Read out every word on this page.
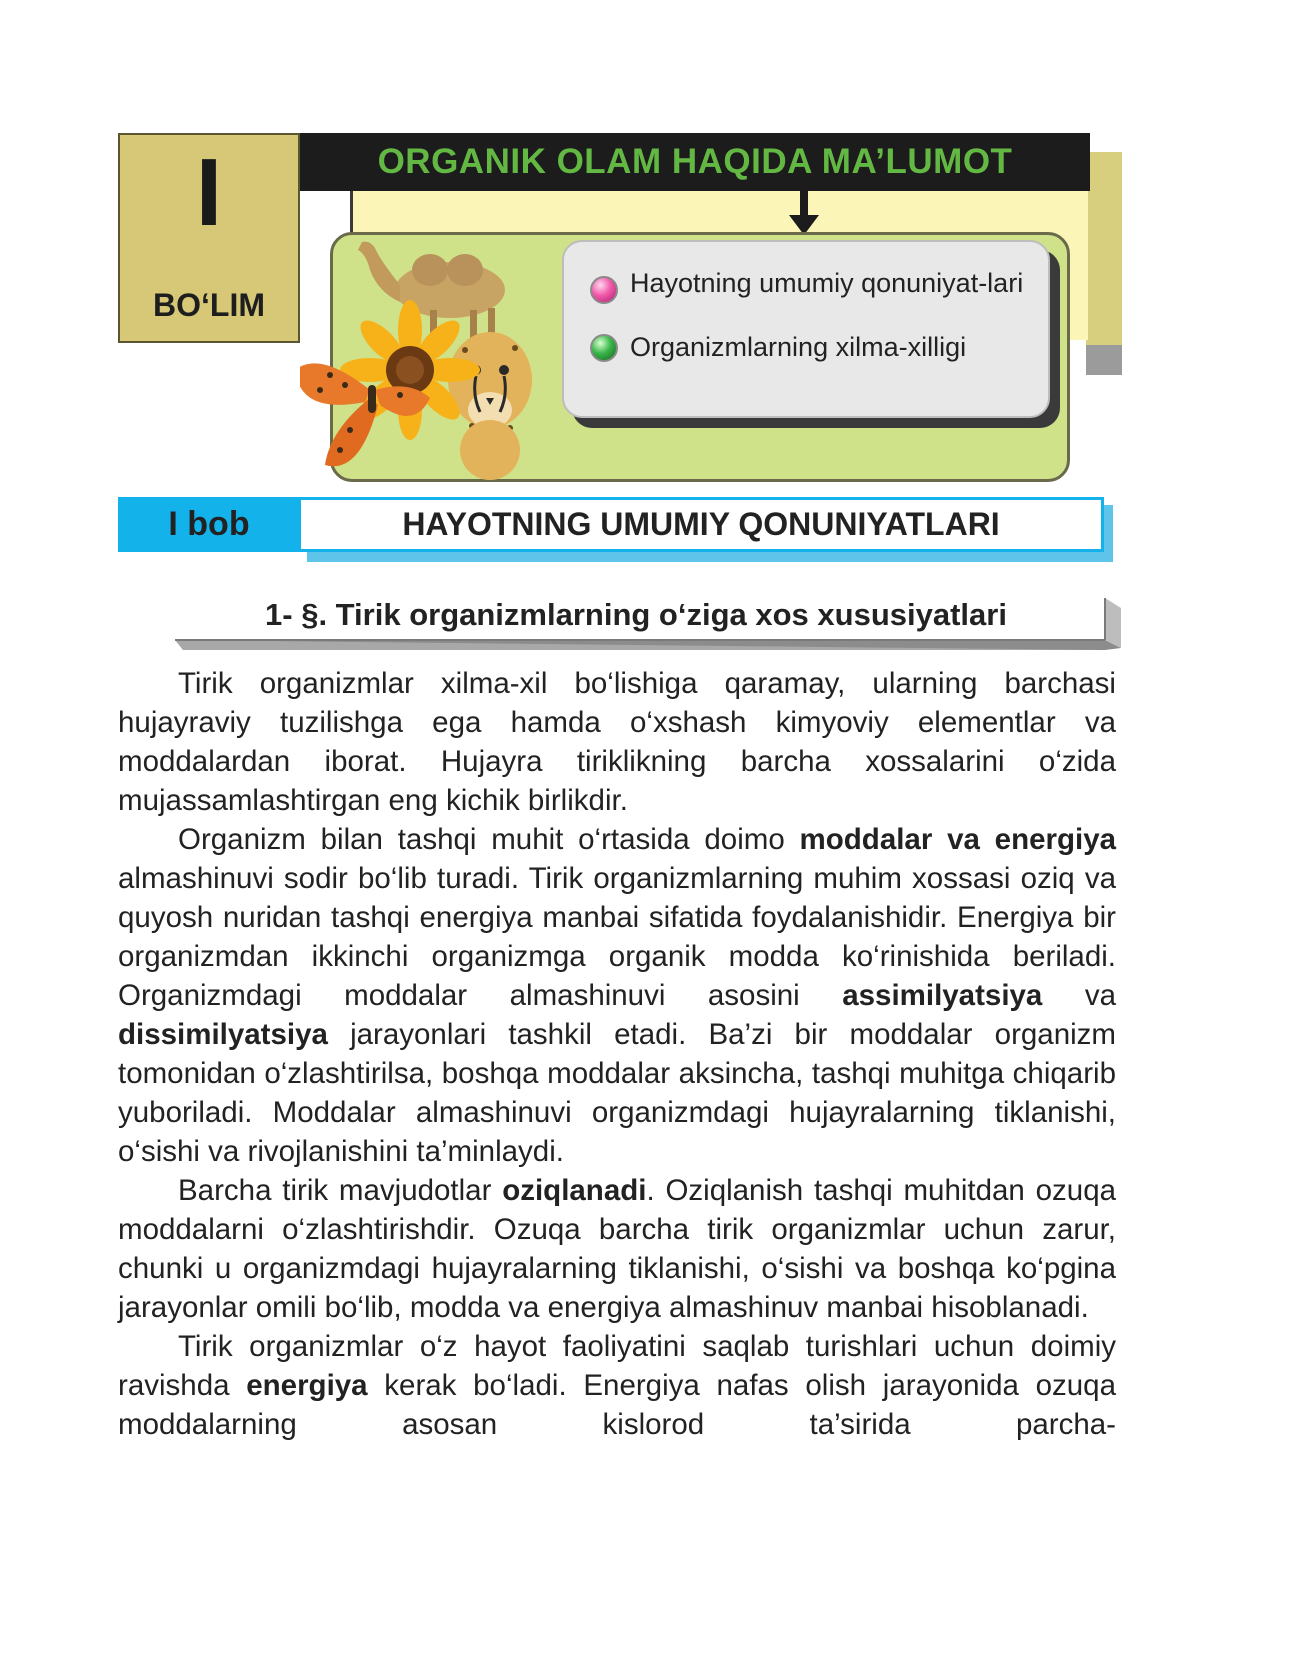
I
BO‘LIM
ORGANIK OLAM HAQIDA MA’LUMOT
Hayotning umumiy qonuniyat-lari
Organizmlarning xilma-xilligi
I bob	HAYOTNING UMUMIY QONUNIYATLARI
1- §. Tirik organizmlarning o‘ziga xos xususiyatlari

Tirik organizmlar xilma-xil bo‘lishiga qaramay, ularning barchasi hujayraviy tuzilishga ega hamda o‘xshash kimyoviy elementlar va moddalardan iborat. Hujayra tiriklikning barcha xossalarini o‘zida mujassamlashtirgan eng kichik birlikdir.

Organizm bilan tashqi muhit o‘rtasida doimo moddalar va energiya almashinuvi sodir bo‘lib turadi. Tirik organizmlarning muhim xossasi oziq va quyosh nuridan tashqi energiya manbai sifatida foydalanishidir. Energiya bir organizmdan ikkinchi organizmga organik modda ko‘rinishida beriladi. Organizmdagi moddalar almashinuvi asosini assimilyatsiya va dissimilyatsiya jarayonlari tashkil etadi. Ba’zi bir moddalar organizm tomonidan o‘zlashtirilsa, boshqa moddalar aksincha, tashqi muhitga chiqarib yuboriladi. Moddalar almashinuvi organizmdagi hujayralarning tiklanishi, o‘sishi va rivojlanishini ta’minlaydi.

Barcha tirik mavjudotlar oziqlanadi. Oziqlanish tashqi muhitdan ozuqa moddalarni o‘zlashtirishdir. Ozuqa barcha tirik organizmlar uchun zarur, chunki u organizmdagi hujayralarning tiklanishi, o‘sishi va boshqa ko‘pgina jarayonlar omili bo‘lib, modda va energiya almashinuv manbai hisoblanadi.

Tirik organizmlar o‘z hayot faoliyatini saqlab turishlari uchun doimiy ravishda energiya kerak bo‘ladi. Energiya nafas olish jarayonida ozuqa moddalarning asosan kislorod ta’sirida parcha-
